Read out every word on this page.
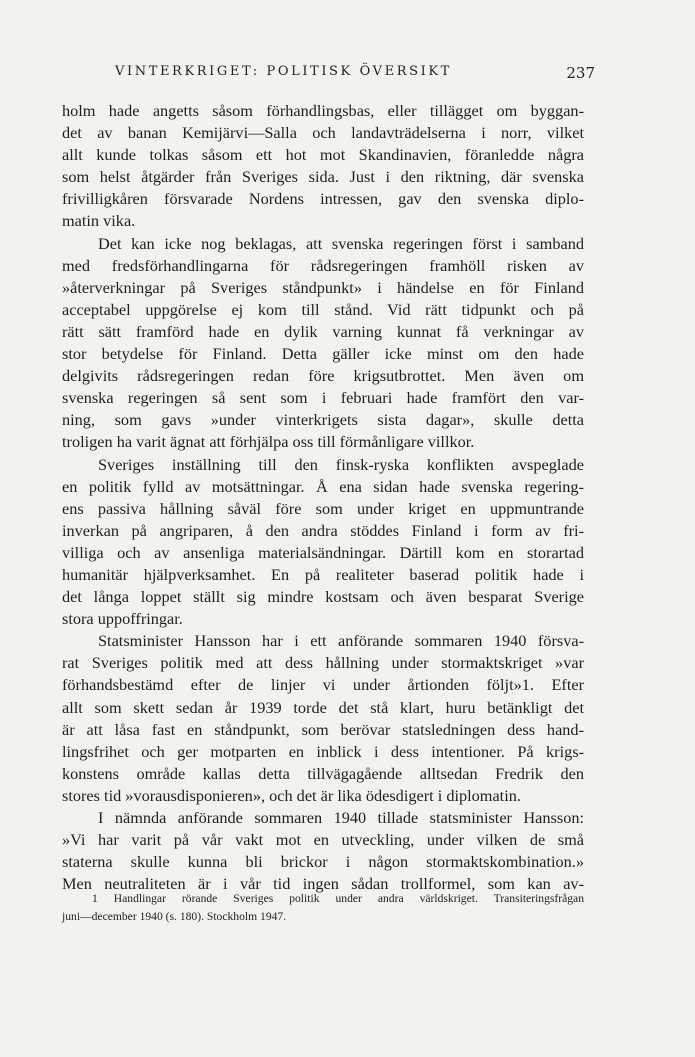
VINTERKRIGET: POLITISK ÖVERSIKT	237
holm hade angetts såsom förhandlingsbas, eller tillägget om byggan-
det av banan Kemijärvi—Salla och landavträdelserna i norr, vilket
allt kunde tolkas såsom ett hot mot Skandinavien, föranledde några
som helst åtgärder från Sveriges sida. Just i den riktning, där svenska
frivilligkåren försvarade Nordens intressen, gav den svenska diplo-
matin vika.
Det kan icke nog beklagas, att svenska regeringen först i samband
med fredsförhandlingarna för rådsregeringen framhöll risken av
»återverkningar på Sveriges ståndpunkt» i händelse en för Finland
acceptabel uppgörelse ej kom till stånd. Vid rätt tidpunkt och på
rätt sätt framförd hade en dylik varning kunnat få verkningar av
stor betydelse för Finland. Detta gäller icke minst om den hade
delgivits rådsregeringen redan före krigsutbrottet. Men även om
svenska regeringen så sent som i februari hade framfört den var-
ning, som gavs »under vinterkrigets sista dagar», skulle detta
troligen ha varit ägnat att förhjälpa oss till förmånligare villkor.
Sveriges inställning till den finsk-ryska konflikten avspeglade
en politik fylld av motsättningar. Å ena sidan hade svenska regering-
ens passiva hållning såväl före som under kriget en uppmuntrande
inverkan på angriparen, å den andra stöddes Finland i form av fri-
villiga och av ansenliga materialsändningar. Därtill kom en storartad
humanitär hjälpverksamhet. En på realiteter baserad politik hade i
det långa loppet ställt sig mindre kostsam och även besparat Sverige
stora uppoffringar.
Statsminister Hansson har i ett anförande sommaren 1940 försva-
rat Sveriges politik med att dess hållning under stormaktskriget »var
förhandsbestämd efter de linjer vi under årtionden följt»1. Efter
allt som skett sedan år 1939 torde det stå klart, huru betänkligt det
är att låsa fast en ståndpunkt, som berövar statsledningen dess hand-
lingsfrihet och ger motparten en inblick i dess intentioner. På krigs-
konstens område kallas detta tillvägagående alltsedan Fredrik den
stores tid »vorausdisponieren», och det är lika ödesdigert i diplomatin.
I nämnda anförande sommaren 1940 tillade statsminister Hansson:
»Vi har varit på vår vakt mot en utveckling, under vilken de små
staterna skulle kunna bli brickor i någon stormaktskombination.»
Men neutraliteten är i vår tid ingen sådan trollformel, som kan av-
1 Handlingar rörande Sveriges politik under andra världskriget. Transiteringsfrågan
juni—december 1940 (s. 180). Stockholm 1947.
